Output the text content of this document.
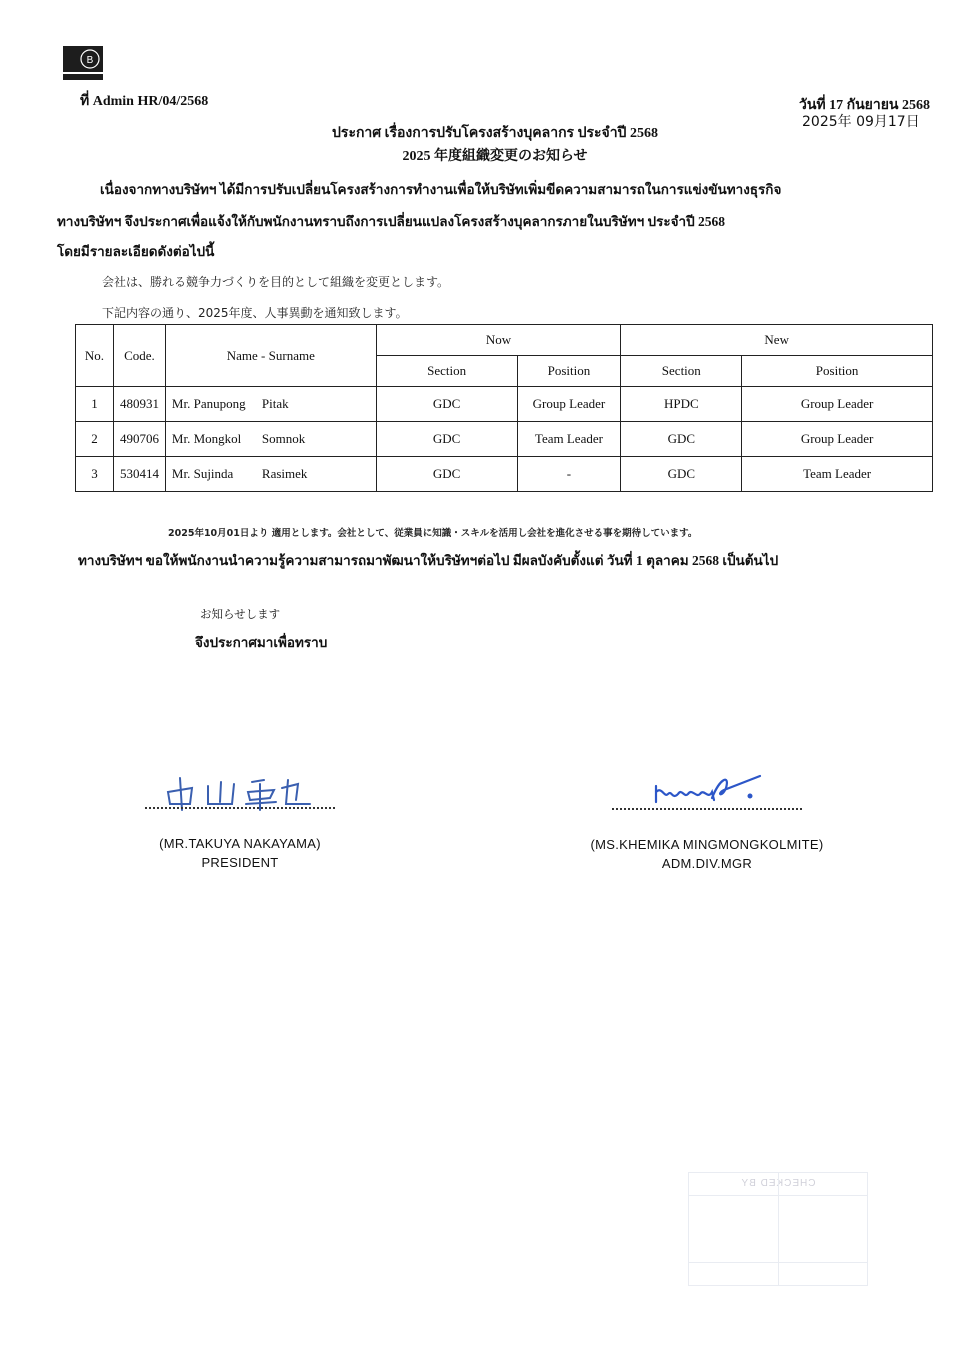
B
ที่ Admin HR/04/2568	วันที่ 17 กันยายน 2568
2025年 09月17日
ประกาศ เรื่องการปรับโครงสร้างบุคลากร ประจำปี 2568
2025 年度組織変更のお知らせ
เนื่องจากทางบริษัทฯ ได้มีการปรับเปลี่ยนโครงสร้างการทำงานเพื่อให้บริษัทเพิ่มขีดความสามารถในการแข่งขันทางธุรกิจ
ทางบริษัทฯ จึงประกาศเพื่อแจ้งให้กับพนักงานทราบถึงการเปลี่ยนแปลงโครงสร้างบุคลากรภายในบริษัทฯ ประจำปี 2568
โดยมีรายละเอียดดังต่อไปนี้
会社は、勝れる競争力づくりを目的として組織を変更とします。
下記内容の通り、2025年度、人事異動を通知致します。
No.	Code.	Name - Surname	Now		New	
			Section	Position	Section	Position
1	480931	Mr. Panupong Pitak	GDC	Group Leader	HPDC	Group Leader
2	490706	Mr. Mongkol Somnok	GDC	Team Leader	GDC	Group Leader
3	530414	Mr. Sujinda Rasimek	GDC	-	GDC	Team Leader
2025年10月01日より 適用とします。会社として、従業員に知識・スキルを活用し会社を進化させる事を期待しています。
ทางบริษัทฯ ขอให้พนักงานนำความรู้ความสามารถมาพัฒนาให้บริษัทฯต่อไป มีผลบังคับตั้งแต่ วันที่ 1 ตุลาคม 2568 เป็นต้นไป
お知らせします
จึงประกาศมาเพื่อทราบ
(MR.TAKUYA NAKAYAMA)
PRESIDENT
(MS.KHEMIKA MINGMONGKOLMITE)
ADM.DIV.MGR
CHECKED BY
